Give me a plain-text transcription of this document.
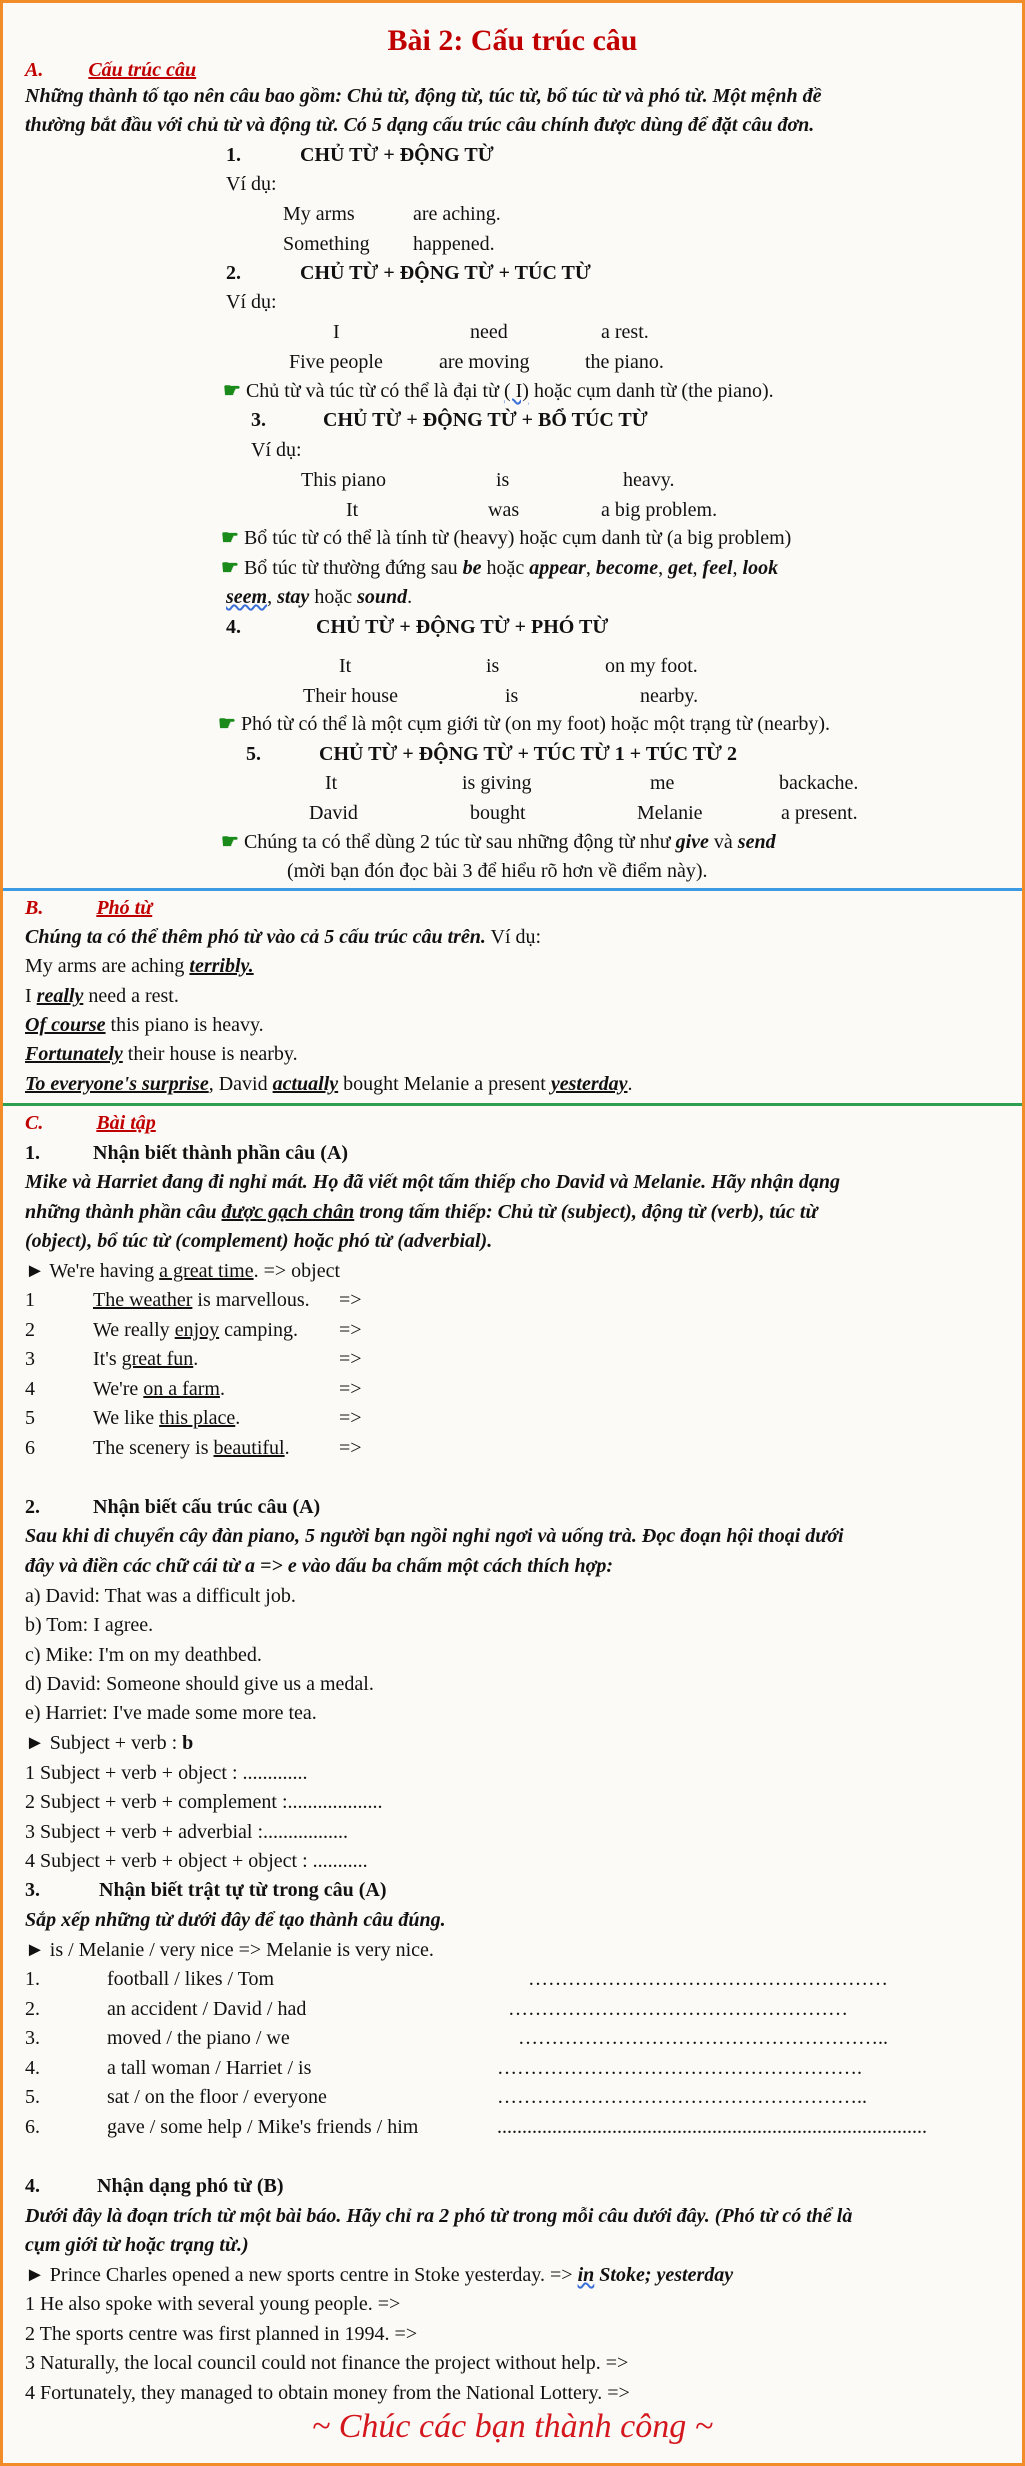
Bài 2: Cấu trúc câu
A. Cấu trúc câu
Những thành tố tạo nên câu bao gồm: Chủ từ, động từ, túc từ, bổ túc từ và phó từ. Một mệnh đề
thường bắt đầu với chủ từ và động từ. Có 5 dạng cấu trúc câu chính được dùng để đặt câu đơn.
1.	CHỦ TỪ + ĐỘNG TỪ
Ví dụ:
My arms	are aching.
Something happened.
2.	CHỦ TỪ + ĐỘNG TỪ + TÚC TỪ
Ví dụ:
I	need	a rest.
Five people	are moving	the piano.
☛ Chủ từ và túc từ có thể là đại từ ( I) hoặc cụm danh từ (the piano).
3.	CHỦ TỪ + ĐỘNG TỪ + BỔ TÚC TỪ
Ví dụ:
This piano	is	heavy.
It	was	a big problem.
☛ Bổ túc từ có thể là tính từ (heavy) hoặc cụm danh từ (a big problem)
☛ Bổ túc từ thường đứng sau be hoặc appear, become, get, feel, look
seem, stay hoặc sound.
4.	CHỦ TỪ + ĐỘNG TỪ + PHÓ TỪ
It	is	on my foot.
Their house	is	nearby.
☛ Phó từ có thể là một cụm giới từ (on my foot) hoặc một trạng từ (nearby).
5.	CHỦ TỪ + ĐỘNG TỪ + TÚC TỪ 1 + TÚC TỪ 2
It	is giving	me	backache.
David	bought	Melanie	a present.
☛ Chúng ta có thể dùng 2 túc từ sau những động từ như give và send
(mời bạn đón đọc bài 3 để hiểu rõ hơn về điểm này).
B.	Phó từ
Chúng ta có thể thêm phó từ vào cả 5 cấu trúc câu trên. Ví dụ:
My arms are aching terribly.
I really need a rest.
Of course this piano is heavy.
Fortunately their house is nearby.
To everyone's surprise, David actually bought Melanie a present yesterday.
C.	Bài tập
1.	Nhận biết thành phần câu (A)
Mike và Harriet đang đi nghỉ mát. Họ đã viết một tấm thiếp cho David và Melanie. Hãy nhận dạng
những thành phần câu được gạch chân trong tấm thiếp: Chủ từ (subject), động từ (verb), túc từ
(object), bổ túc từ (complement) hoặc phó từ (adverbial).
► We're having a great time. => object
1	The weather is marvellous. =>
2	We really enjoy camping. =>
3	It's great fun.	=>
4	We're on a farm.	=>
5	We like this place.	=>
6	The scenery is beautiful. =>
2.	Nhận biết cấu trúc câu (A)
Sau khi di chuyển cây đàn piano, 5 người bạn ngồi nghỉ ngơi và uống trà. Đọc đoạn hội thoại dưới
đây và điền các chữ cái từ a => e vào dấu ba chấm một cách thích hợp:
a) David: That was a difficult job.
b) Tom: I agree.
c) Mike: I'm on my deathbed.
d) David: Someone should give us a medal.
e) Harriet: I've made some more tea.
► Subject + verb : b
1 Subject + verb + object : .............
2 Subject + verb + complement :...................
3 Subject + verb + adverbial :.................
4 Subject + verb + object + object : ...........
3.	Nhận biết trật tự từ trong câu (A)
Sắp xếp những từ dưới đây để tạo thành câu đúng.
► is / Melanie / very nice => Melanie is very nice.
1.	football / likes / Tom	………………………………………………
2.	an accident / David / had	……………………………………………
3.	moved / the piano / we	………………………………………………..
4.	a tall woman / Harriet / is	……………………………………………….
5.	sat / on the floor / everyone	………………………………………………..
6.	gave / some help / Mike's friends / him	......................................................................................
4.	Nhận dạng phó từ (B)
Dưới đây là đoạn trích từ một bài báo. Hãy chỉ ra 2 phó từ trong mỗi câu dưới đây. (Phó từ có thể là
cụm giới từ hoặc trạng từ.)
► Prince Charles opened a new sports centre in Stoke yesterday. => in Stoke; yesterday
1 He also spoke with several young people. =>
2 The sports centre was first planned in 1994. =>
3 Naturally, the local council could not finance the project without help. =>
4 Fortunately, they managed to obtain money from the National Lottery. =>
~ Chúc các bạn thành công ~
